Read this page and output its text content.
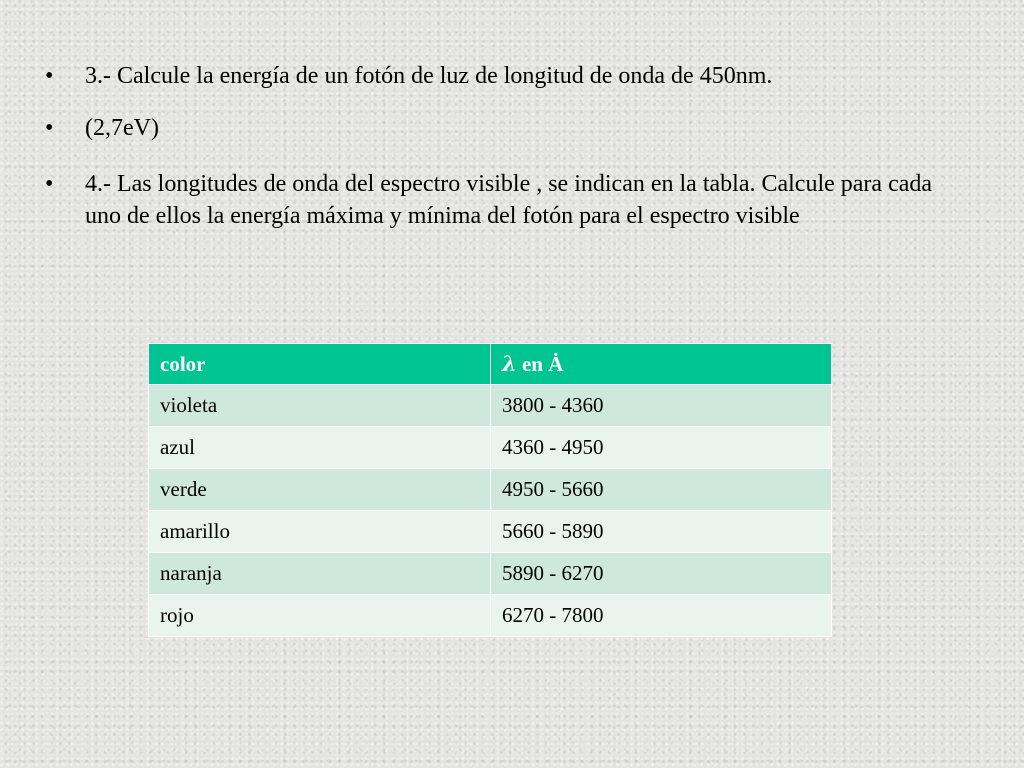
•	3.- Calcule la energía de un fotón de luz de longitud de onda de 450nm.
•	(2,7eV)
•	4.- Las longitudes de onda del espectro visible , se indican en la tabla. Calcule para cada uno de ellos la energía máxima y mínima del fotón para el espectro visible
color	λ en Ȧ
violeta	3800 - 4360
azul	4360 - 4950
verde	4950 - 5660
amarillo	5660 - 5890
naranja	5890 - 6270
rojo	6270 - 7800
